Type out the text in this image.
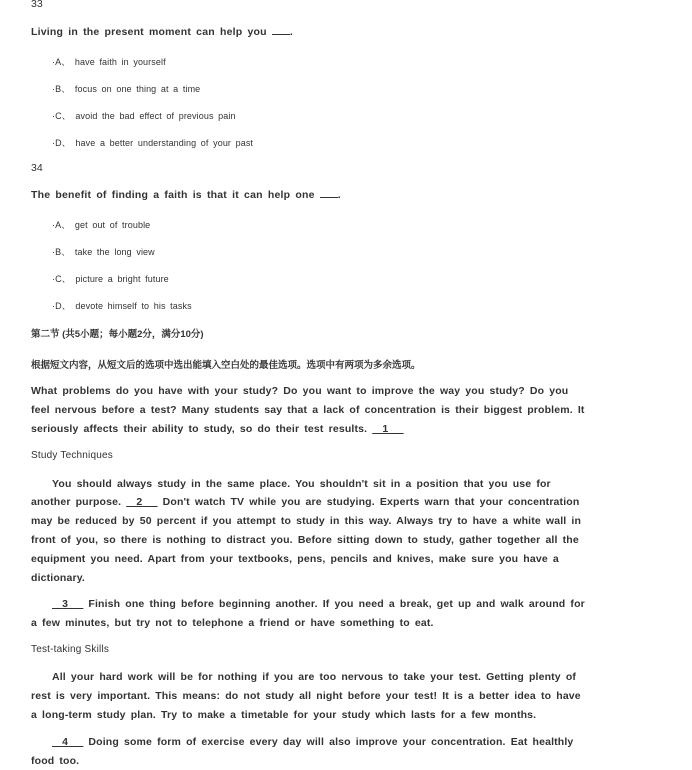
33
Living in the present moment can help you .
·A、 have faith in yourself
·B、 focus on one thing at a time
·C、 avoid the bad effect of previous pain
·D、 have a better understanding of your past
34
The benefit of finding a faith is that it can help one .
·A、 get out of trouble
·B、 take the long view
·C、 picture a bright future
·D、 devote himself to his tasks
第二节 (共5小题；每小题2分，满分10分)
根据短文内容，从短文后的选项中选出能填入空白处的最佳选项。选项中有两项为多余选项。
What problems do you have with your study? Do you want to improve the way you study? Do you
feel nervous before a test? Many students say that a lack of concentration is their biggest problem. It
seriously affects their ability to study, so do their test results. 1
Study Techniques
You should always study in the same place. You shouldn't sit in a position that you use for
another purpose. 2 Don't watch TV while you are studying. Experts warn that your concentration
may be reduced by 50 percent if you attempt to study in this way. Always try to have a white wall in
front of you, so there is nothing to distract you. Before sitting down to study, gather together all the
equipment you need. Apart from your textbooks, pens, pencils and knives, make sure you have a
dictionary.
3 Finish one thing before beginning another. If you need a break, get up and walk around for
a few minutes, but try not to telephone a friend or have something to eat.
Test-taking Skills
All your hard work will be for nothing if you are too nervous to take your test. Getting plenty of
rest is very important. This means: do not study all night before your test! It is a better idea to have
a long-term study plan. Try to make a timetable for your study which lasts for a few months.
4 Doing some form of exercise every day will also improve your concentration. Eat healthly
food too.
